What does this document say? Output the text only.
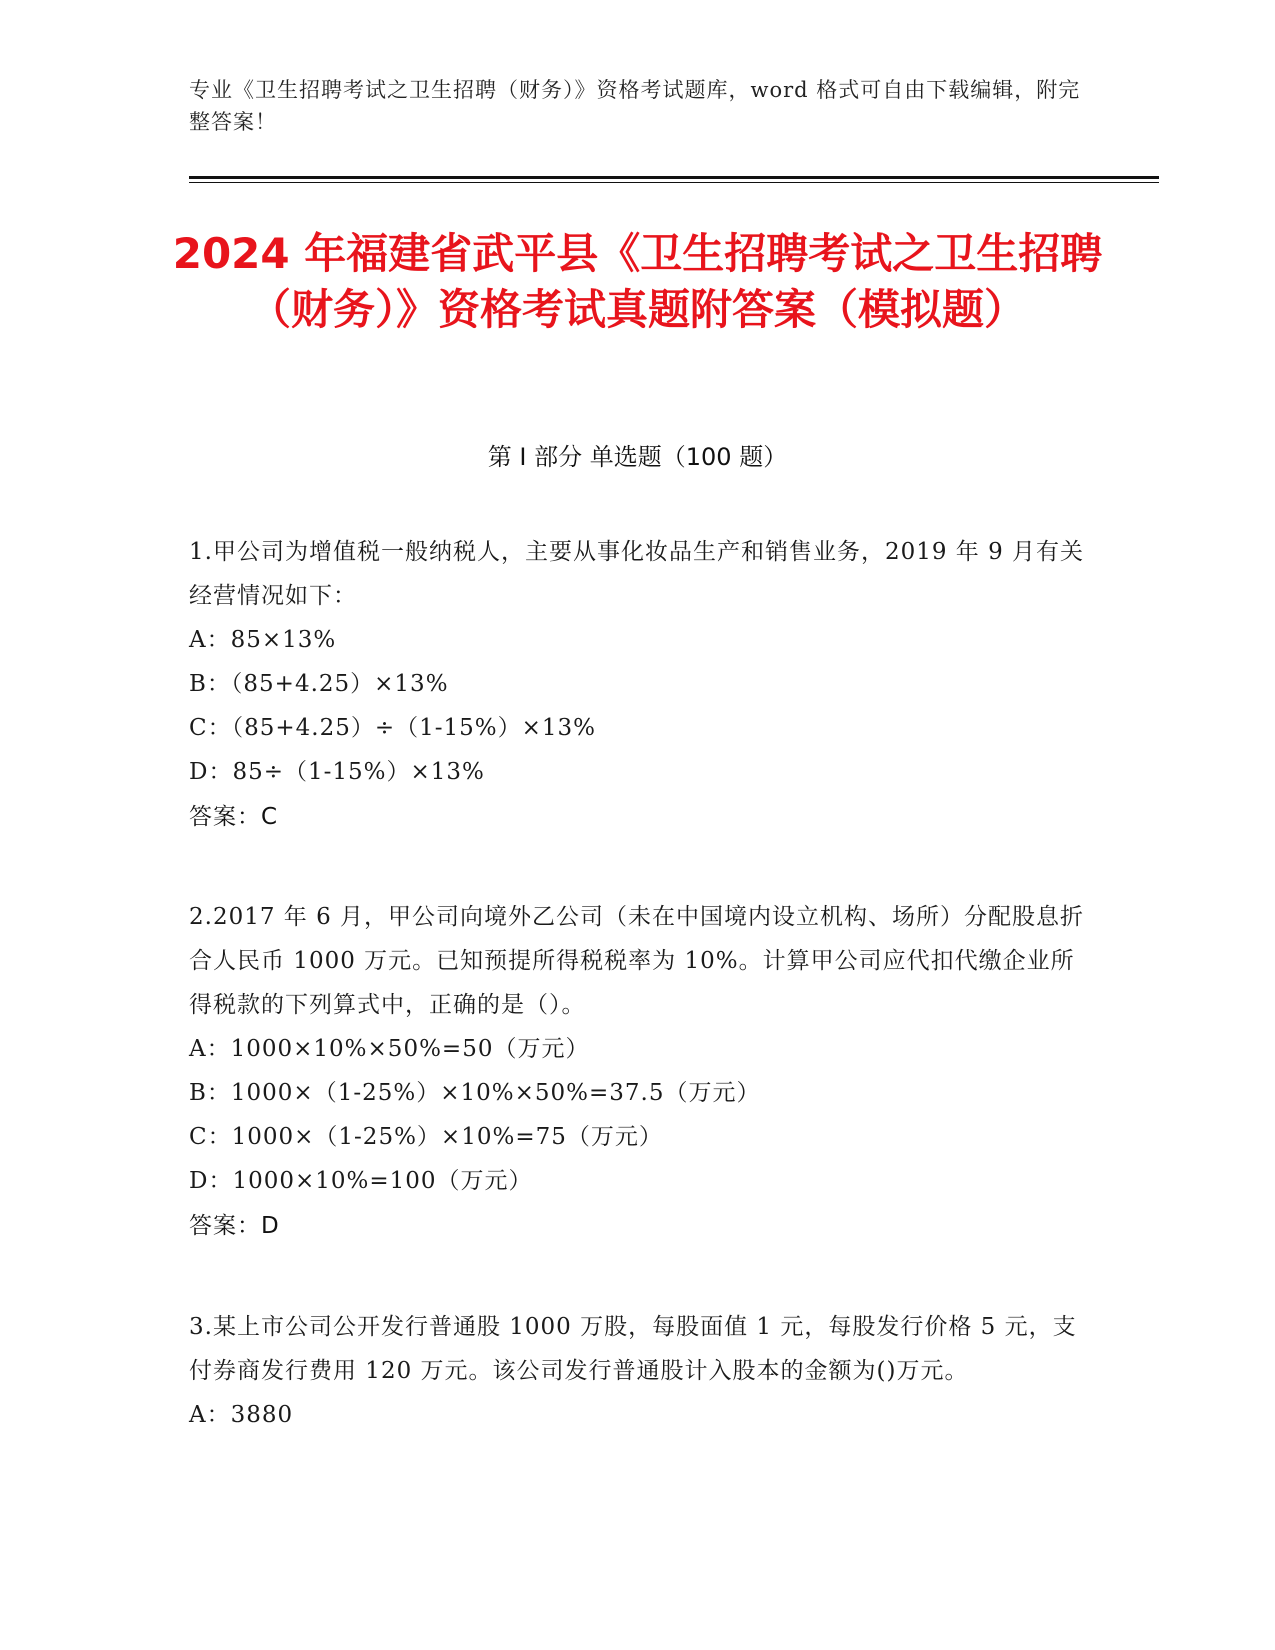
专业《卫生招聘考试之卫生招聘（财务）》资格考试题库，word 格式可自由下载编辑，附完整答案！
2024 年福建省武平县《卫生招聘考试之卫生招聘（财务）》资格考试真题附答案（模拟题）
第 I 部分 单选题（100 题）
1.甲公司为增值税一般纳税人，主要从事化妆品生产和销售业务，2019 年 9 月有关经营情况如下：
A：85×13%
B：（85+4.25）×13%
C：（85+4.25）÷（1-15%）×13%
D：85÷（1-15%）×13%
答案：C
2.2017 年 6 月，甲公司向境外乙公司（未在中国境内设立机构、场所）分配股息折合人民币 1000 万元。已知预提所得税税率为 10%。计算甲公司应代扣代缴企业所得税款的下列算式中，正确的是（）。
A：1000×10%×50%=50（万元）
B：1000×（1-25%）×10%×50%=37.5（万元）
C：1000×（1-25%）×10%=75（万元）
D：1000×10%=100（万元）
答案：D
3.某上市公司公开发行普通股 1000 万股，每股面值 1 元，每股发行价格 5 元，支付券商发行费用 120 万元。该公司发行普通股计入股本的金额为()万元。
A：3880
